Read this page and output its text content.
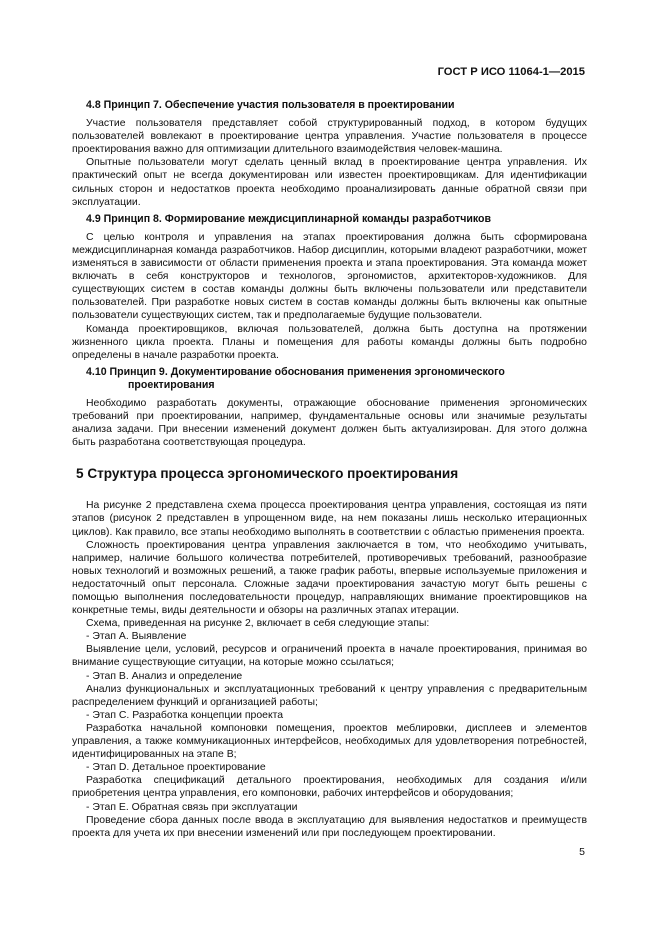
ГОСТ Р ИСО 11064-1—2015
4.8 Принцип 7. Обеспечение участия пользователя в проектировании

Участие пользователя представляет собой структурированный подход, в котором будущих пользователей вовлекают в проектирование центра управления. Участие пользователя в процессе проектирования важно для оптимизации длительного взаимодействия человек-машина.

Опытные пользователи могут сделать ценный вклад в проектирование центра управления. Их практический опыт не всегда документирован или известен проектировщикам. Для идентификации сильных сторон и недостатков проекта необходимо проанализировать данные обратной связи при эксплуатации.

4.9 Принцип 8. Формирование междисциплинарной команды разработчиков

С целью контроля и управления на этапах проектирования должна быть сформирована междисциплинарная команда разработчиков. Набор дисциплин, которыми владеют разработчики, может изменяться в зависимости от области применения проекта и этапа проектирования. Эта команда может включать в себя конструкторов и технологов, эргономистов, архитекторов-художников. Для существующих систем в состав команды должны быть включены пользователи или представители пользователей. При разработке новых систем в состав команды должны быть включены как опытные пользователи существующих систем, так и предполагаемые будущие пользователи.

Команда проектировщиков, включая пользователей, должна быть доступна на протяжении жизненного цикла проекта. Планы и помещения для работы команды должны быть подробно определены в начале разработки проекта.

4.10 Принцип 9. Документирование обоснования применения эргономического
проектирования

Необходимо разработать документы, отражающие обоснование применения эргономических требований при проектировании, например, фундаментальные основы или значимые результаты анализа задачи. При внесении изменений документ должен быть актуализирован. Для этого должна быть разработана соответствующая процедура.

5 Структура процесса эргономического проектирования

На рисунке 2 представлена схема процесса проектирования центра управления, состоящая из пяти этапов (рисунок 2 представлен в упрощенном виде, на нем показаны лишь несколько итерационных циклов). Как правило, все этапы необходимо выполнять в соответствии с областью применения проекта.

Сложность проектирования центра управления заключается в том, что необходимо учитывать, например, наличие большого количества потребителей, противоречивых требований, разнообразие новых технологий и возможных решений, а также график работы, впервые используемые приложения и недостаточный опыт персонала. Сложные задачи проектирования зачастую могут быть решены с помощью выполнения последовательности процедур, направляющих внимание проектировщиков на конкретные темы, виды деятельности и обзоры на различных этапах итерации.

Схема, приведенная на рисунке 2, включает в себя следующие этапы:

- Этап А. Выявление

Выявление цели, условий, ресурсов и ограничений проекта в начале проектирования, принимая во внимание существующие ситуации, на которые можно ссылаться;

- Этап В. Анализ и определение

Анализ функциональных и эксплуатационных требований к центру управления с предварительным распределением функций и организацией работы;

- Этап С. Разработка концепции проекта

Разработка начальной компоновки помещения, проектов меблировки, дисплеев и элементов управления, а также коммуникационных интерфейсов, необходимых для удовлетворения потребностей, идентифицированных на этапе В;

- Этап D. Детальное проектирование

Разработка спецификаций детального проектирования, необходимых для создания и/или приобретения центра управления, его компоновки, рабочих интерфейсов и оборудования;

- Этап Е. Обратная связь при эксплуатации

Проведение сбора данных после ввода в эксплуатацию для выявления недостатков и преимуществ проекта для учета их при внесении изменений или при последующем проектировании.

5
